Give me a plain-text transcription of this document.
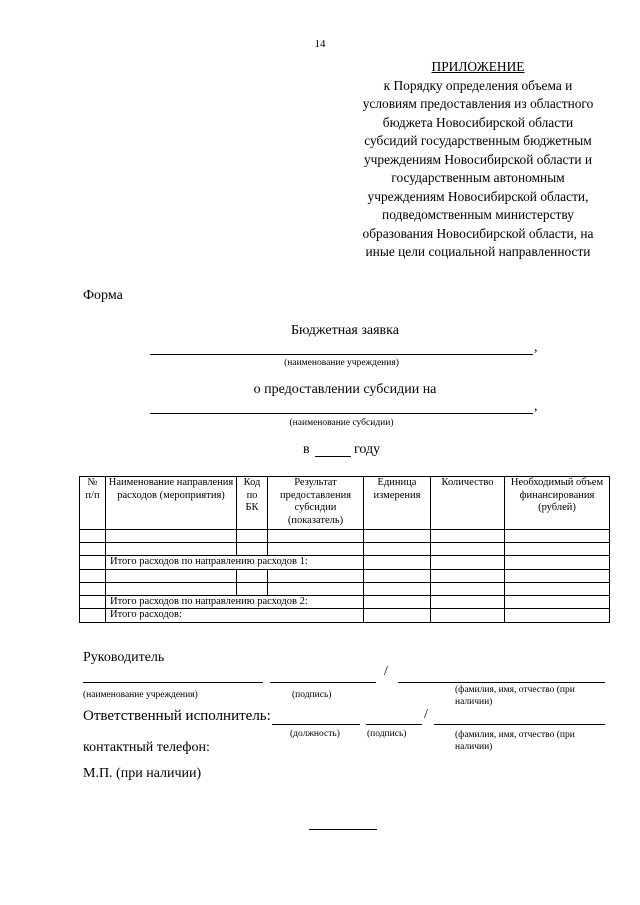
14
ПРИЛОЖЕНИЕ
к Порядку определения объема и
условиям предоставления из областного
бюджета Новосибирской области
субсидий государственным бюджетным
учреждениям Новосибирской области и
государственным автономным
учреждениям Новосибирской области,
подведомственным министерству
образования Новосибирской области, на
иные цели социальной направленности
Форма
Бюджетная заявка
,
(наименование учреждения)
о предоставлении субсидии на
,
(наименование субсидии)
в	году
№ п/п	Наименование направления расходов (мероприятия)	Код по БК	Результат предоставления субсидии (показатель)	Единица измерения	Количество	Необходимый объем финансирования (рублей)

	Итого расходов по направлению расходов 1:					

	Итого расходов по направлению расходов 2:					
	Итого расходов:					
Руководитель
/
(наименование учреждения)	(подпись)	(фамилия, имя, отчество (при наличии)
Ответственный исполнитель:	/
(должность)	(подпись)	(фамилия, имя, отчество (при наличии)
контактный телефон:
М.П. (при наличии)
